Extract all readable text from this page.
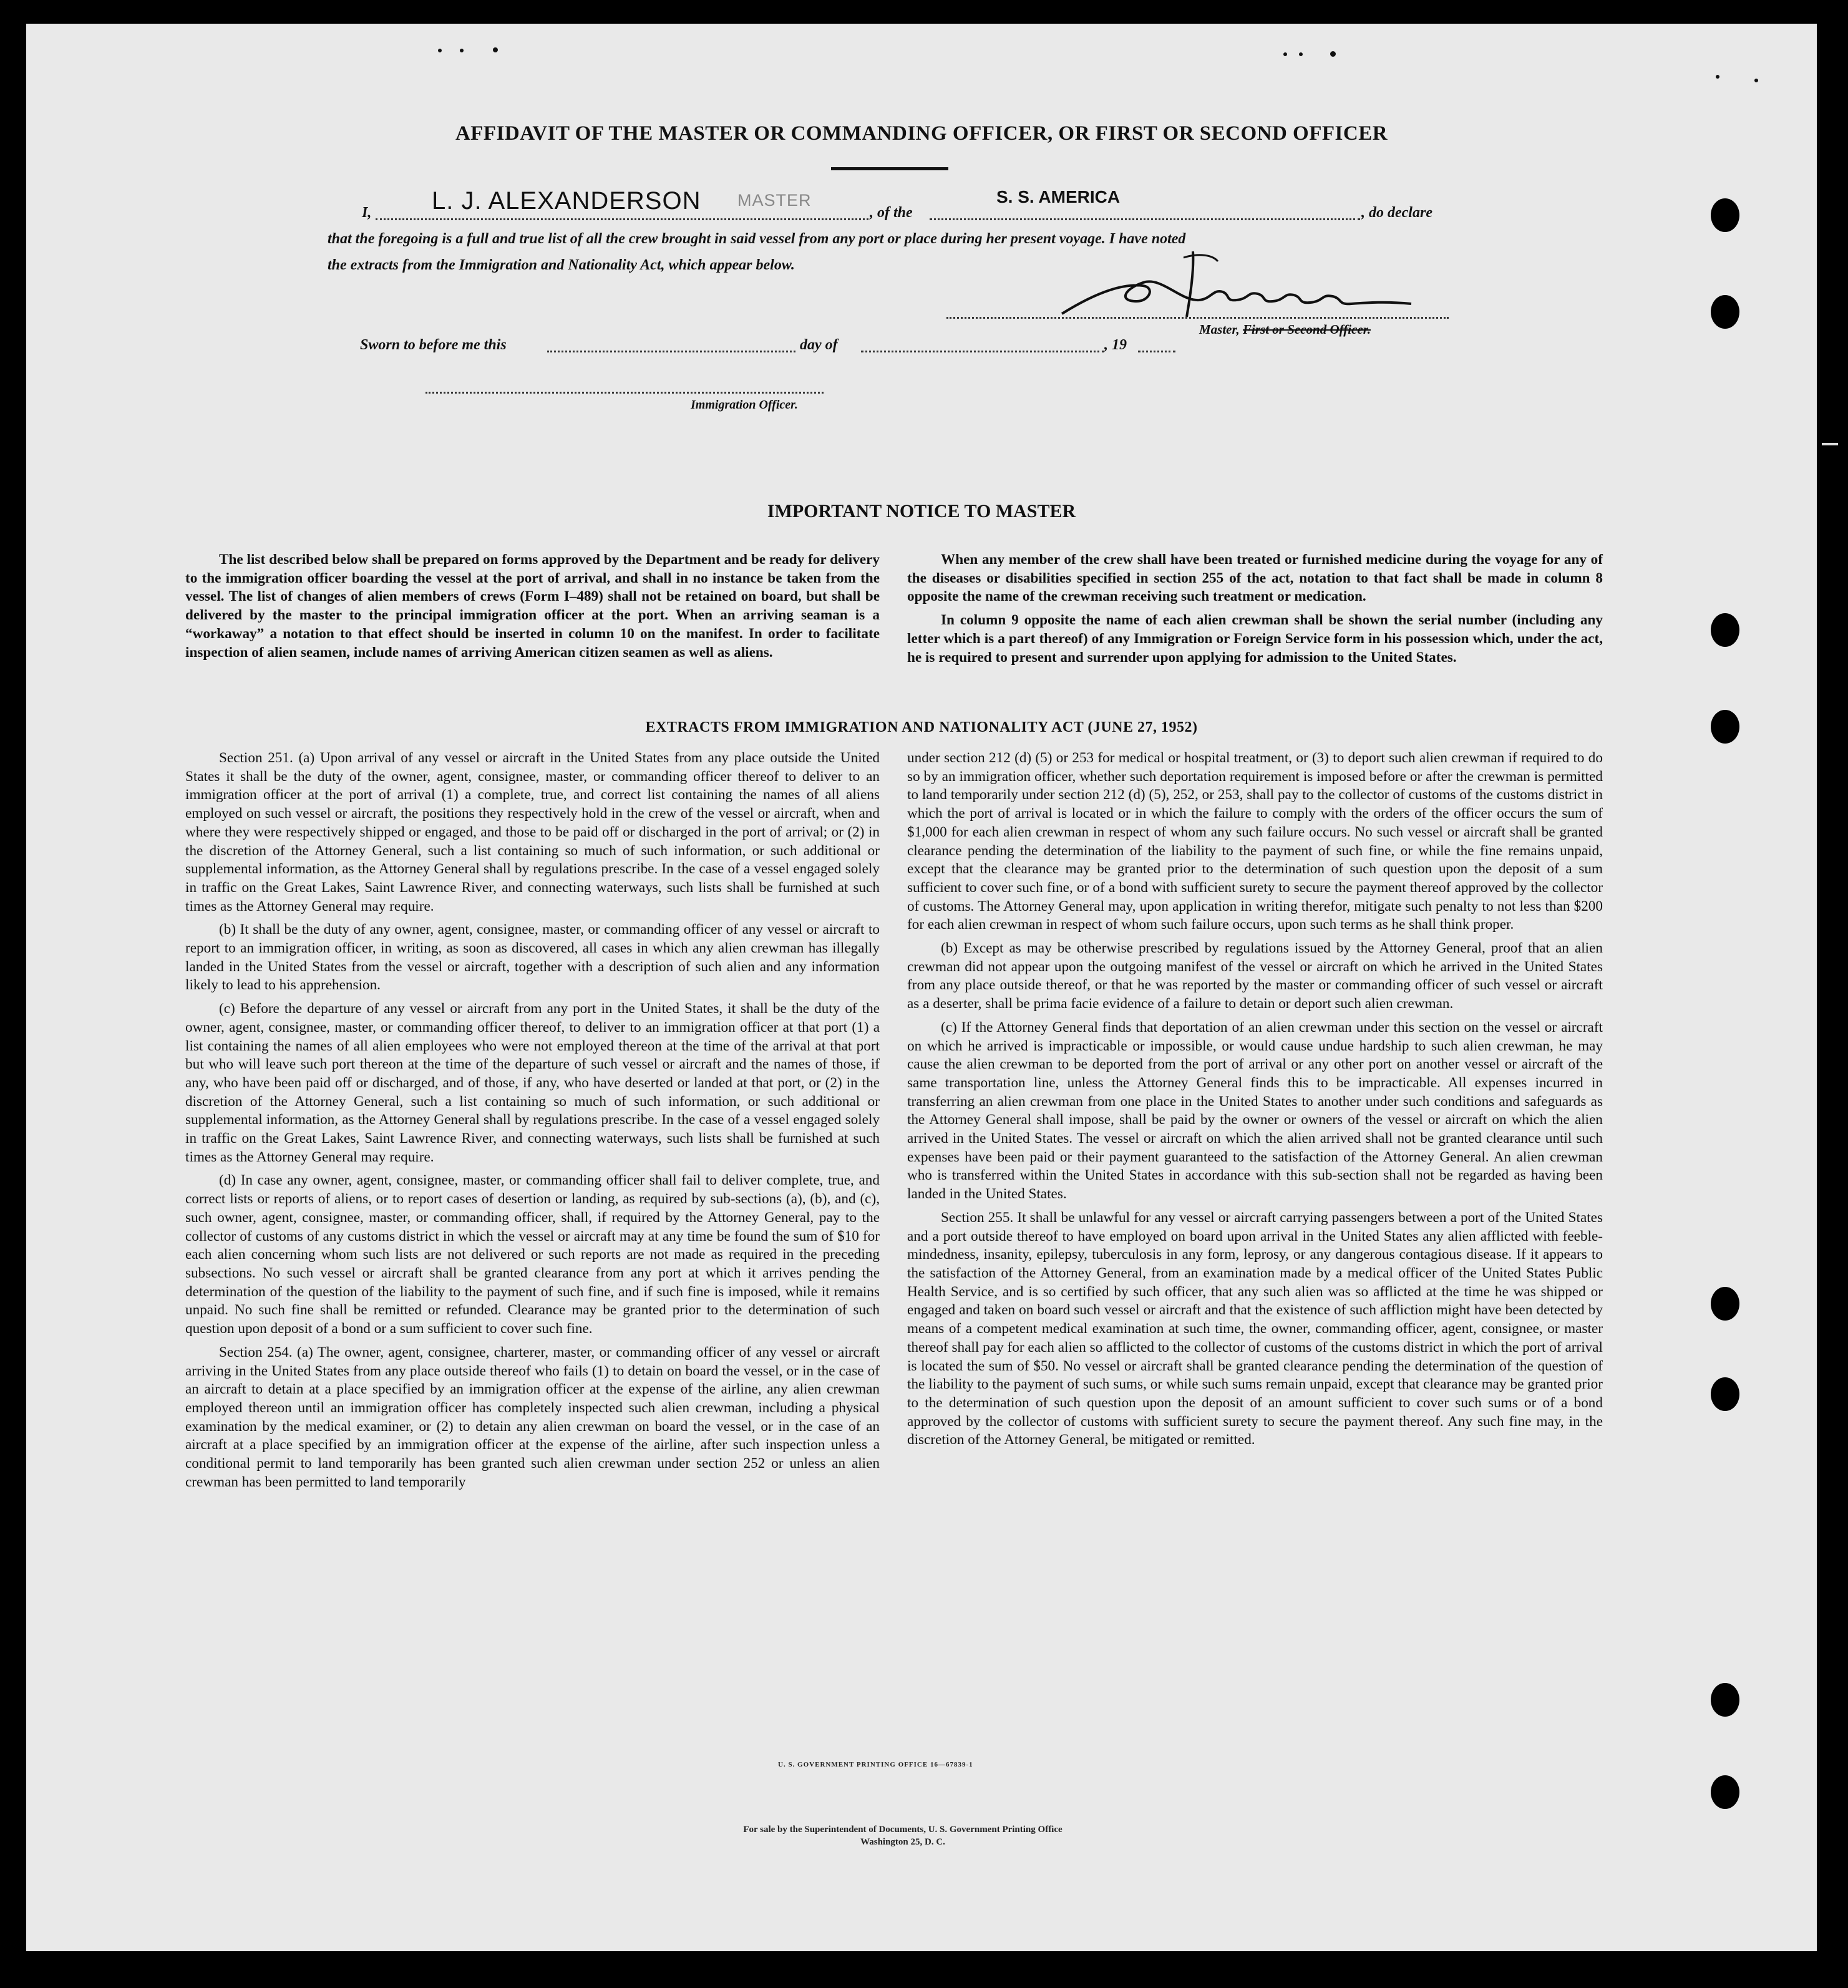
AFFIDAVIT OF THE MASTER OR COMMANDING OFFICER, OR FIRST OR SECOND OFFICER
I, L. J. ALEXANDERSON MASTER
, of the
S. S. AMERICA
, do declare
that the foregoing is a full and true list of all the crew brought in said vessel from any port or place during her present voyage. I have noted
the extracts from the Immigration and Nationality Act, which appear below.
Master, First or Second Officer.
Sworn to before me this	day of	, 19
Immigration Officer.
IMPORTANT NOTICE TO MASTER

The list described below shall be prepared on forms approved by the Department and be ready for delivery to the immigration officer boarding the vessel at the port of arrival, and shall in no instance be taken from the vessel. The list of changes of alien members of crews (Form I–489) shall not be retained on board, but shall be delivered by the master to the principal immigration officer at the port. When an arriving seaman is a “workaway” a notation to that effect should be inserted in column 10 on the manifest. In order to facilitate inspection of alien seamen, include names of arriving American citizen seamen as well as aliens.

When any member of the crew shall have been treated or furnished medicine during the voyage for any of the diseases or disabilities specified in section 255 of the act, notation to that fact shall be made in column 8 opposite the name of the crewman receiving such treatment or medication.

In column 9 opposite the name of each alien crewman shall be shown the serial number (including any letter which is a part thereof) of any Immigration or Foreign Service form in his possession which, under the act, he is required to present and surrender upon applying for admission to the United States.

EXTRACTS FROM IMMIGRATION AND NATIONALITY ACT (JUNE 27, 1952)

Section 251. (a) Upon arrival of any vessel or aircraft in the United States from any place outside the United States it shall be the duty of the owner, agent, consignee, master, or commanding officer thereof to deliver to an immigration officer at the port of arrival (1) a complete, true, and correct list containing the names of all aliens employed on such vessel or aircraft, the positions they respectively hold in the crew of the vessel or aircraft, when and where they were respectively shipped or engaged, and those to be paid off or discharged in the port of arrival; or (2) in the discretion of the Attorney General, such a list containing so much of such information, or such additional or supplemental information, as the Attorney General shall by regulations prescribe. In the case of a vessel engaged solely in traffic on the Great Lakes, Saint Lawrence River, and connecting waterways, such lists shall be furnished at such times as the Attorney General may require.

(b) It shall be the duty of any owner, agent, consignee, master, or commanding officer of any vessel or aircraft to report to an immigration officer, in writing, as soon as discovered, all cases in which any alien crewman has illegally landed in the United States from the vessel or aircraft, together with a description of such alien and any information likely to lead to his apprehension.

(c) Before the departure of any vessel or aircraft from any port in the United States, it shall be the duty of the owner, agent, consignee, master, or commanding officer thereof, to deliver to an immigration officer at that port (1) a list containing the names of all alien employees who were not employed thereon at the time of the arrival at that port but who will leave such port thereon at the time of the departure of such vessel or aircraft and the names of those, if any, who have been paid off or discharged, and of those, if any, who have deserted or landed at that port, or (2) in the discretion of the Attorney General, such a list containing so much of such information, or such additional or supplemental information, as the Attorney General shall by regulations prescribe. In the case of a vessel engaged solely in traffic on the Great Lakes, Saint Lawrence River, and connecting waterways, such lists shall be furnished at such times as the Attorney General may require.

(d) In case any owner, agent, consignee, master, or commanding officer shall fail to deliver complete, true, and correct lists or reports of aliens, or to report cases of desertion or landing, as required by sub-sections (a), (b), and (c), such owner, agent, consignee, master, or commanding officer, shall, if required by the Attorney General, pay to the collector of customs of any customs district in which the vessel or aircraft may at any time be found the sum of $10 for each alien concerning whom such lists are not delivered or such reports are not made as required in the preceding subsections. No such vessel or aircraft shall be granted clearance from any port at which it arrives pending the determination of the question of the liability to the payment of such fine, and if such fine is imposed, while it remains unpaid. No such fine shall be remitted or refunded. Clearance may be granted prior to the determination of such question upon deposit of a bond or a sum sufficient to cover such fine.

Section 254. (a) The owner, agent, consignee, charterer, master, or commanding officer of any vessel or aircraft arriving in the United States from any place outside thereof who fails (1) to detain on board the vessel, or in the case of an aircraft to detain at a place specified by an immigration officer at the expense of the airline, any alien crewman employed thereon until an immigration officer has completely inspected such alien crewman, including a physical examination by the medical examiner, or (2) to detain any alien crewman on board the vessel, or in the case of an aircraft at a place specified by an immigration officer at the expense of the airline, after such inspection unless a conditional permit to land temporarily has been granted such alien crewman under section 252 or unless an alien crewman has been permitted to land temporarily

under section 212 (d) (5) or 253 for medical or hospital treatment, or (3) to deport such alien crewman if required to do so by an immigration officer, whether such deportation requirement is imposed before or after the crewman is permitted to land temporarily under section 212 (d) (5), 252, or 253, shall pay to the collector of customs of the customs district in which the port of arrival is located or in which the failure to comply with the orders of the officer occurs the sum of $1,000 for each alien crewman in respect of whom any such failure occurs. No such vessel or aircraft shall be granted clearance pending the determination of the liability to the payment of such fine, or while the fine remains unpaid, except that the clearance may be granted prior to the determination of such question upon the deposit of a sum sufficient to cover such fine, or of a bond with sufficient surety to secure the payment thereof approved by the collector of customs. The Attorney General may, upon application in writing therefor, mitigate such penalty to not less than $200 for each alien crewman in respect of whom such failure occurs, upon such terms as he shall think proper.

(b) Except as may be otherwise prescribed by regulations issued by the Attorney General, proof that an alien crewman did not appear upon the outgoing manifest of the vessel or aircraft on which he arrived in the United States from any place outside thereof, or that he was reported by the master or commanding officer of such vessel or aircraft as a deserter, shall be prima facie evidence of a failure to detain or deport such alien crewman.

(c) If the Attorney General finds that deportation of an alien crewman under this section on the vessel or aircraft on which he arrived is impracticable or impossible, or would cause undue hardship to such alien crewman, he may cause the alien crewman to be deported from the port of arrival or any other port on another vessel or aircraft of the same transportation line, unless the Attorney General finds this to be impracticable. All expenses incurred in transferring an alien crewman from one place in the United States to another under such conditions and safeguards as the Attorney General shall impose, shall be paid by the owner or owners of the vessel or aircraft on which the alien arrived in the United States. The vessel or aircraft on which the alien arrived shall not be granted clearance until such expenses have been paid or their payment guaranteed to the satisfaction of the Attorney General. An alien crewman who is transferred within the United States in accordance with this sub-section shall not be regarded as having been landed in the United States.

Section 255. It shall be unlawful for any vessel or aircraft carrying passengers between a port of the United States and a port outside thereof to have employed on board upon arrival in the United States any alien afflicted with feeble-mindedness, insanity, epilepsy, tuberculosis in any form, leprosy, or any dangerous contagious disease. If it appears to the satisfaction of the Attorney General, from an examination made by a medical officer of the United States Public Health Service, and is so certified by such officer, that any such alien was so afflicted at the time he was shipped or engaged and taken on board such vessel or aircraft and that the existence of such affliction might have been detected by means of a competent medical examination at such time, the owner, commanding officer, agent, consignee, or master thereof shall pay for each alien so afflicted to the collector of customs of the customs district in which the port of arrival is located the sum of $50. No vessel or aircraft shall be granted clearance pending the determination of the question of the liability to the payment of such sums, or while such sums remain unpaid, except that clearance may be granted prior to the determination of such question upon the deposit of an amount sufficient to cover such sums or of a bond approved by the collector of customs with sufficient surety to secure the payment thereof. Any such fine may, in the discretion of the Attorney General, be mitigated or remitted.

U. S. GOVERNMENT PRINTING OFFICE 16—67839-1
For sale by the Superintendent of Documents, U. S. Government Printing Office
Washington 25, D. C.
